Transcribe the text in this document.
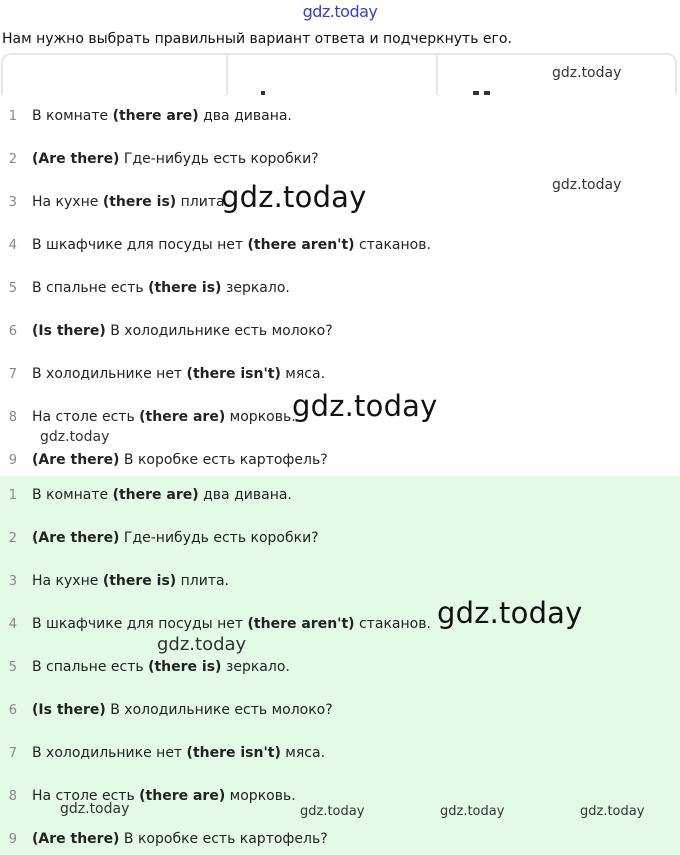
gdz.today
Нам нужно выбрать правильный вариант ответа и подчеркнуть его.
1 В комнате (there are) два дивана.
2 (Are there) Где-нибудь есть коробки?
3 На кухне (there is) плита.
4 В шкафчике для посуды нет (there aren't) стаканов.
5 В спальне есть (there is) зеркало.
6 (Is there) В холодильнике есть молоко?
7 В холодильнике нет (there isn't) мяса.
8 На столе есть (there are) морковь.
9 (Are there) В коробке есть картофель?
1 В комнате (there are) два дивана.
2 (Are there) Где-нибудь есть коробки?
3 На кухне (there is) плита.
4 В шкафчике для посуды нет (there aren't) стаканов.
5 В спальне есть (there is) зеркало.
6 (Is there) В холодильнике есть молоко?
7 В холодильнике нет (there isn't) мяса.
8 На столе есть (there are) морковь.
9 (Are there) В коробке есть картофель?
gdz.today
gdz.today
gdz.today
gdz.today
gdz.today
gdz.today
gdz.today
gdz.today	gdz.today	gdz.today	gdz.today
